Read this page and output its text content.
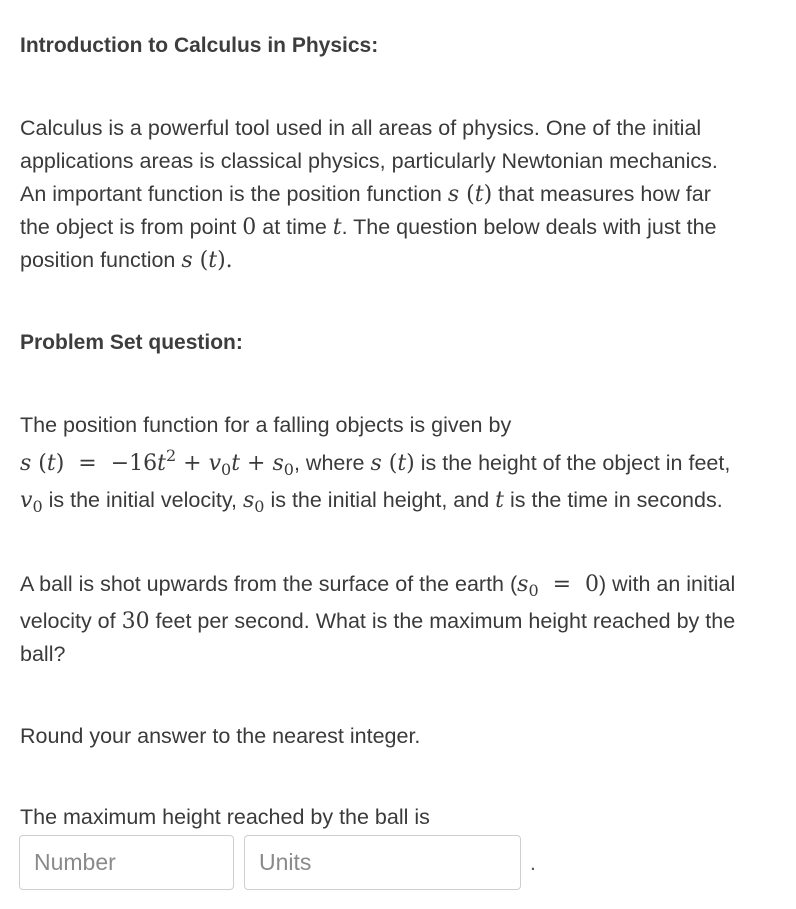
Introduction to Calculus in Physics:
Calculus is a powerful tool used in all areas of physics. One of the initial
applications areas is classical physics, particularly Newtonian mechanics.
An important function is the position function s (t) that measures how far
the object is from point 0 at time t. The question below deals with just the
position function s (t).
Problem Set question:
The position function for a falling objects is given by
s $(t) = -16t^2 + v_0t + s_0$, where s (t) is the height of the object in feet,
$v_0$ is the initial velocity, $s_0$ is the initial height, and t is the time in seconds.
A ball is shot upwards from the surface of the earth $(s_0 = 0)$ with an initial
velocity of 30 feet per second. What is the maximum height reached by the
ball?
Round your answer to the nearest integer.
The maximum height reached by the ball is
Number
Units
.
